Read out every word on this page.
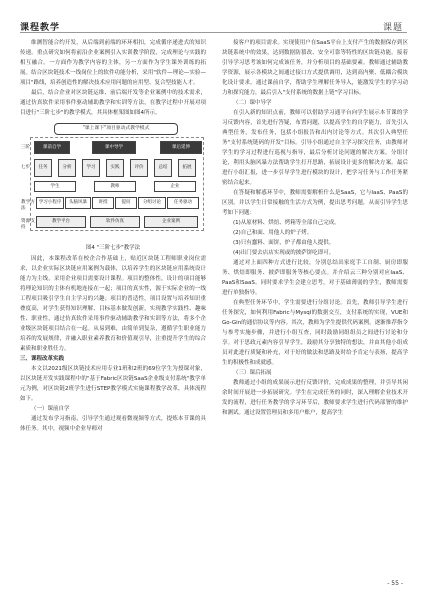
课程教学	课题

维测智能合约开发，从后端到前端的环环相扣，完成循序递进式的知识传递。重点研究如何将前沿企业案例引入实训教学阶段，完成理论与实践的相互融合。一方面作为教学内容的主体，另一方面作为学生课外训练的拓展。结合区块链技术一线岗位上的软件功能分析，采用"软件—理论—实验—项目"路线，培养创造性的解决技术应用问题的应用型、复合型技能人才。

最后，结合企业对区块链运维、前后端开发等企业案例中的技术需求，通过仿真软件采用事件驱动辅助教学和实训等方法，在教学过程中开展对项目进行"三阶七步"的教学模式，其具体框架图如图4所示。

"课上课下"项目驱动式教学模式
三阶	课前自学	课中导学	课后延伸
七步	任务	分析	学习	实践	评价	总结	拓展
学生	教师	企业
教学方法
学习小程序	头脑风暴	讲授	提问	分组讨论	任务驱动
资源支持
教学平台	软件仿真	企业案例

图4 "三阶七步"教学法

因此，本课程改革在校企合作基础上，贴近区块链工程师职业岗位需求，以企业实际区块链应用案例为载体，以培养学生的区块链应用系统设计能力为主线，采用企业项目需要设计课程。项目的整体性，设计的项目能够将理论知识的主体有机地连接在一起；项目的真实性，源于实际企业的一线工程项目吸引学生自主学习的兴趣；项目的普适性，项目设置与培养知识重叠度高，对学生获得知识理解、目标基本做发创新，实现教学实践性、趣味性、职业性，通过仿真软件采用事件驱动辅助教学和实训等方法，将多个企业级区块链项目结合在一起。从易到难，由简单到复杂，遵循学生职业能力培养的发展规律，并融入职业素养教育和价值观引导，注重提升学生的综合素质和职业胜任力。

三、课程改革实践

本文以2021级区块链技术应用专业1班和2班的69位学生为授课对象，以区块链开发实践课程中的"基于Fabric区块链SaaS企业级支付系统"教学单元为例，对区块链2班学生进行STEP教学模式实施课程教学改革，具体流程如下。

（一）课前自学

通过发布学习指南，引导学生通过观看微视频等方式，提炼本节课的具体任务。其中，视频中企业导师对

接客户的项目需求。实现使用户在SaaS平台上支付产生的数据保存到区块链系统中的效果，达到数据防篡改、安全可靠等特性的区块链功能。接着引导学习思考该如何完成该任务，并分析项目的基础要素。教师通过辅助教学资源，展示各模块之间通过接口方式提供调用，达到高内聚、低耦合模块化设计要求。通过课前自学，帮助学生理解任务导入，能激发学生的学习动力和探究能力，最后引入"支付系统的数据上链"学习目标。

（二）课中导学

在引入新的知识点前，教师可以借助学习通平台向学生展示本节课的学习反馈内容，首先进行答疑，布置问题，以提高学生的自学能力，首先引入典型任务，发布任务，包括小组报告和出内讨论等方式。其次引入典型任务"支付系统链码的开发"目标。引导小组通过自主学习探究任务，由教师对学生的学习过程进行巡视与指导，最后分析讨论问题的解决方案。分组讨论，利用头脑风暴方法帮助学生打开思路，拓展设计更多的解决方案。最后进行小组汇报，进一步引导学生进行模块的设计，把学习任务与工作任务紧密结合起来。

在答疑和解惑环节中，教师需要解析什么是SaaS，它与IaaS、PaaS的区别。并以学生日常接触的生活方式为例，提出思考问题，从而引导学生思考如下问题：

(1)从原材料、烘焙、烤箱等全部自己完成。

(2)自己和面、用他人的炉子烤。

(3)只有蠢料、面饼，炉子都由他人提供。

(4)出门要去店店实现或的披萨饼吃即可。

通过对上面四种方式进行比较，分别总结出家庭手工自制、厨房即服务、烘焙即服务、披萨即服务等核心要点。并介绍云三种分别对应IaaS、PaaS和SaaS。同时要求学生会建立思考，对于基础薄弱的学生，教师需要进行单独指导。

在典型任务环节中，学生需要进行分组讨论。首先，教师引导学生进行任务探究，如何利用Fabric与Mysql的数据交互，支付系统的实现，VUE和Go-Gin的通信协议等内容。其次，教师为学生提供代码案例，逐渐推荐指令与参考实施步骤，并进行小组互查，同时鼓励同组组员之间进行讨论和分享。对于思政元素内容引导学生，鼓励其分享独特的想法，并由其他小组成员对此进行质疑和补充，对于好的做法和思路及时给予肯定与表扬，提高学生的积极性和成就感。

（三）课后拓展

教师通过小组的成果展示进行反馈评价，完成成果的整理，并引导其闲余时间开展进一步拓展研究。学生在完成任务的同时，深入理解企业技术开发的流程，进行任务教学的学习环节后，教师要求学生进行代码部署的维护和测试。通过设置管理员和多用户账户，提高学生

- 55 -
